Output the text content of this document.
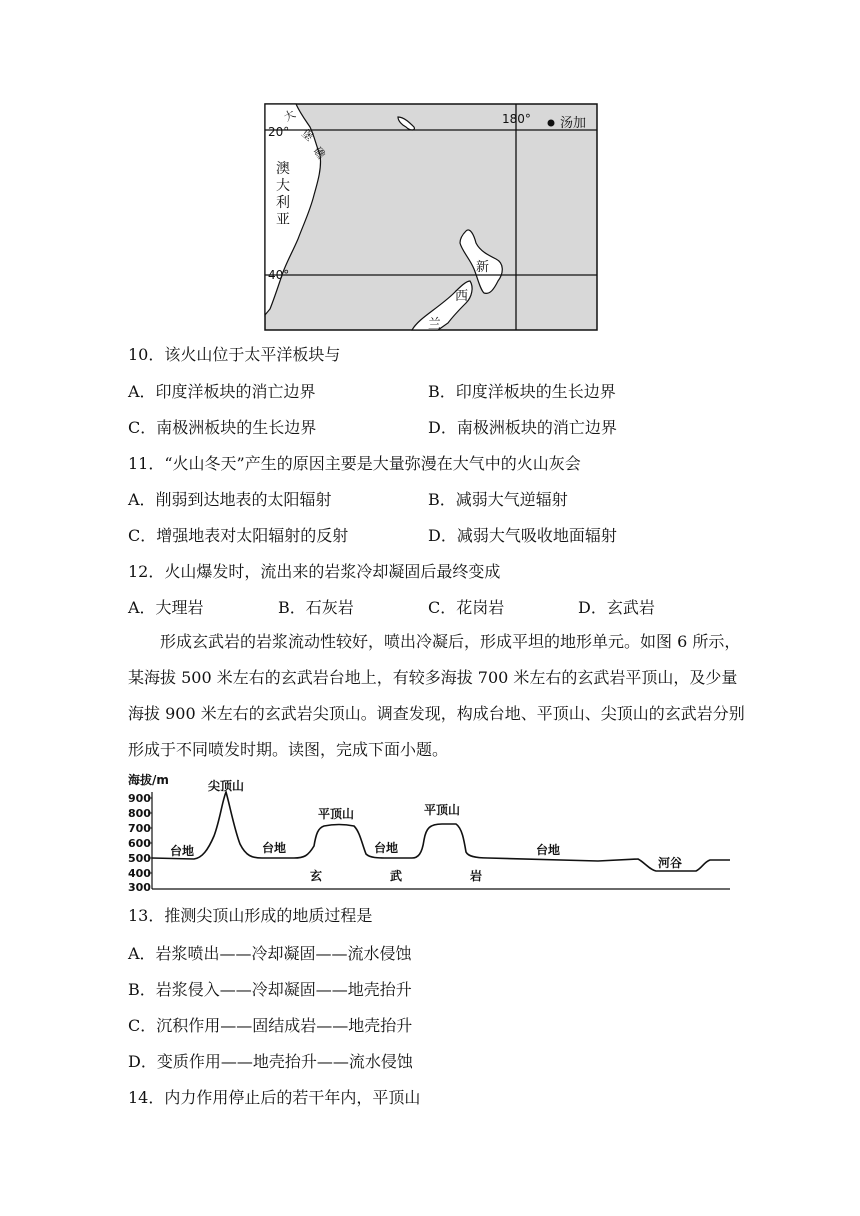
汤加
180°
20°
40°
澳
大
利
亚
大
堡
礁
新
西
兰
10．该火山位于太平洋板块与
A．印度洋板块的消亡边界	B．印度洋板块的生长边界
C．南极洲板块的生长边界	D．南极洲板块的消亡边界
11．“火山冬天”产生的原因主要是大量弥漫在大气中的火山灰会
A．削弱到达地表的太阳辐射	B．减弱大气逆辐射
C．增强地表对太阳辐射的反射	D．减弱大气吸收地面辐射
12．火山爆发时，流出来的岩浆冷却凝固后最终变成
A．大理岩	B．石灰岩	C．花岗岩	D．玄武岩
形成玄武岩的岩浆流动性较好，喷出冷凝后，形成平坦的地形单元。如图 6 所示，某海拔 500 米左右的玄武岩台地上，有较多海拔 700 米左右的玄武岩平顶山，及少量海拔 900 米左右的玄武岩尖顶山。调查发现，构成台地、平顶山、尖顶山的玄武岩分别形成于不同喷发时期。读图，完成下面小题。
海拔/m
900
800
700
600
500
400
300
尖顶山
平顶山	平顶山
台地	台地	台地	台地
河谷
玄	武	岩
13．推测尖顶山形成的地质过程是
A．岩浆喷出——冷却凝固——流水侵蚀
B．岩浆侵入——冷却凝固——地壳抬升
C．沉积作用——固结成岩——地壳抬升
D．变质作用——地壳抬升——流水侵蚀
14．内力作用停止后的若干年内，平顶山
